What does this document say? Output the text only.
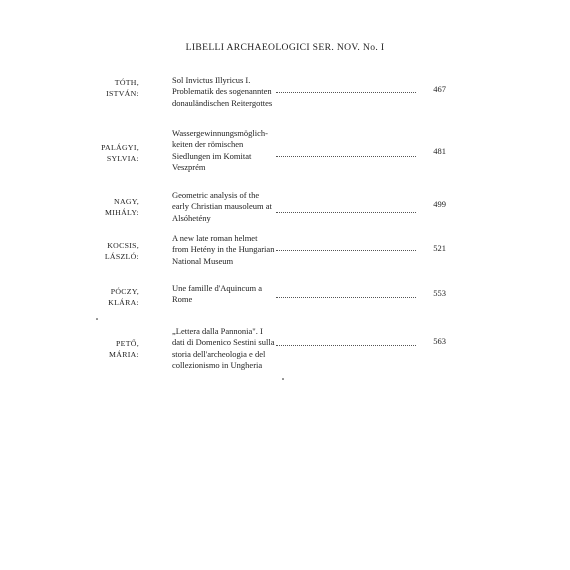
LIBELLI ARCHAEOLOGICI SER. NOV. No. I
TÓTH,
ISTVÁN:
Sol Invictus Illyricus I.
Problematik des sogenannten
donauländischen Reitergottes
467
PALÁGYI,
SYLVIA:
Wassergewinnungsmöglich-
keiten der römischen
Siedlungen im Komitat
Veszprém
481
NAGY,
MIHÁLY:
Geometric analysis of the
early Christian mausoleum at
Alsóhetény
499
KOCSIS,
LÁSZLÓ:
A new late roman helmet
from Hetény in the Hungarian
National Museum
521
PÓCZY,
KLÁRA:
Une famille d'Aquincum a
Rome
553
PETŐ,
MÁRIA:
„Lettera dalla Pannonia". I
dati di Domenico Sestini sulla
storia dell'archeologia e del
collezionismo in Ungheria
563
